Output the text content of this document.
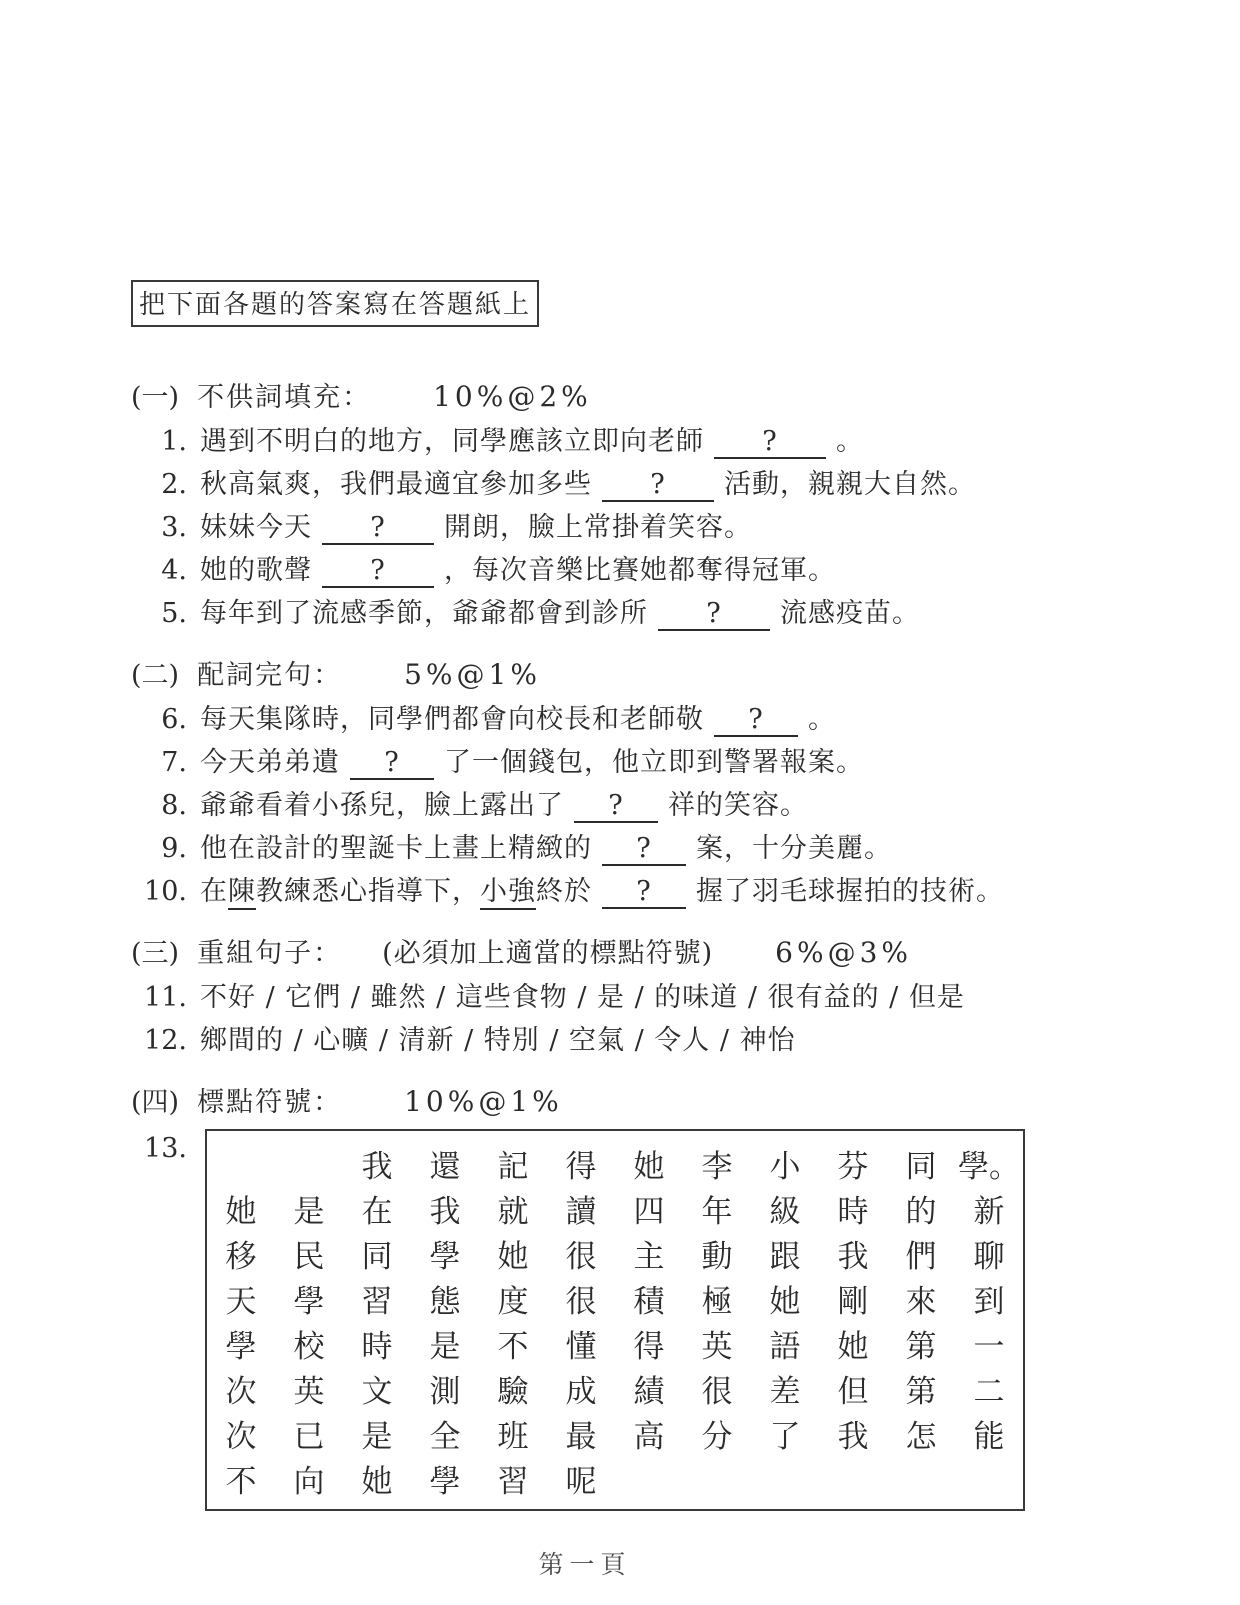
把下面各題的答案寫在答題紙上
(一) 不供詞填充： 10%@2%
1. 遇到不明白的地方，同學應該立即向老師 ? 。
2. 秋高氣爽，我們最適宜參加多些 ? 活動，親親大自然。
3. 妹妹今天 ? 開朗，臉上常掛着笑容。
4. 她的歌聲 ? ，每次音樂比賽她都奪得冠軍。
5. 每年到了流感季節，爺爺都會到診所 ? 流感疫苗。
(二) 配詞完句： 5%@1%
6. 每天集隊時，同學們都會向校長和老師敬 ? 。
7. 今天弟弟遺 ? 了一個錢包，他立即到警署報案。
8. 爺爺看着小孫兒，臉上露出了 ? 祥的笑容。
9. 他在設計的聖誕卡上畫上精緻的 ? 案，十分美麗。
10. 在陳教練悉心指導下，小強終於 ? 握了羽毛球握拍的技術。
(三) 重組句子： (必須加上適當的標點符號) 6%@3%
11. 不好 / 它們 / 雖然 / 這些食物 / 是 / 的味道 / 很有益的 / 但是
12. 鄉間的 / 心曠 / 清新 / 特別 / 空氣 / 令人 / 神怡
(四) 標點符號： 10%@1%
13.
		我	還	記	得	她	李	小	芬	同	學。
她	是	在	我	就	讀	四	年	級	時	的	新
移	民	同	學	她	很	主	動	跟	我	們	聊
天	學	習	態	度	很	積	極	她	剛	來	到
學	校	時	是	不	懂	得	英	語	她	第	一
次	英	文	測	驗	成	績	很	差	但	第	二
次	已	是	全	班	最	高	分	了	我	怎	能
不	向	她	學	習	呢						
第一頁
